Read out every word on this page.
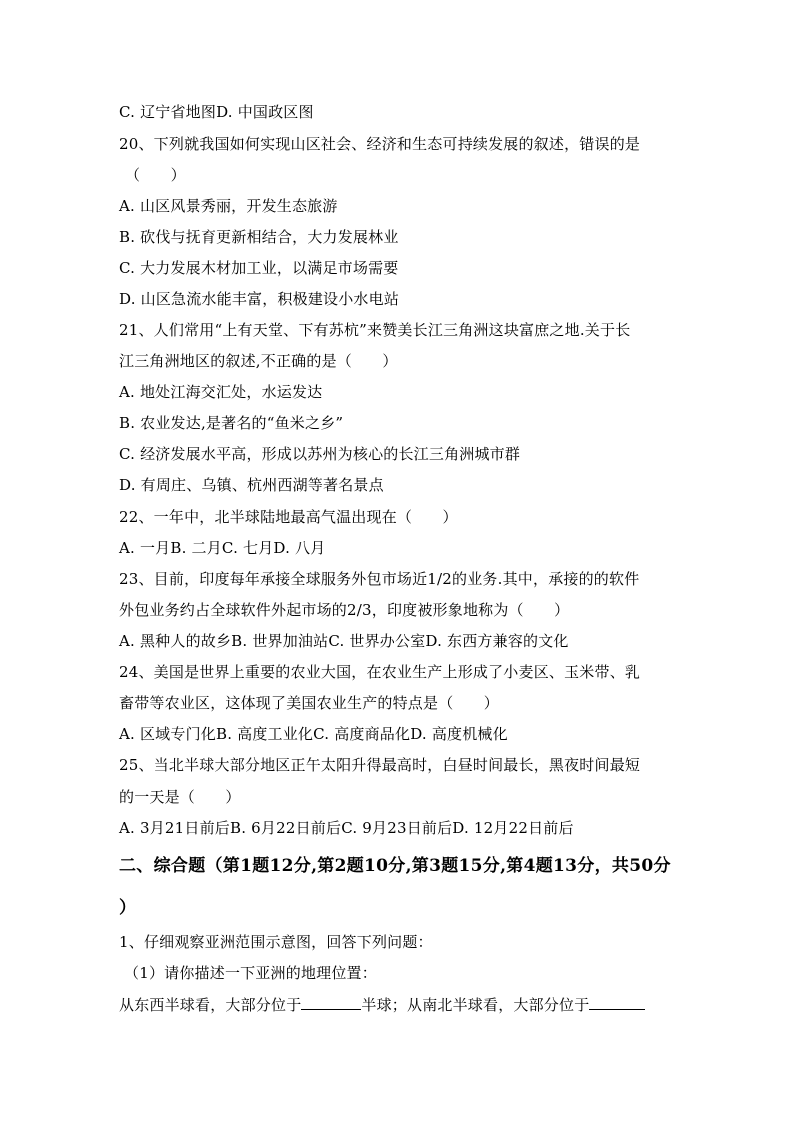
C. 辽宁省地图D. 中国政区图
20、下列就我国如何实现山区社会、经济和生态可持续发展的叙述，错误的是
（　　）
A. 山区风景秀丽，开发生态旅游
B. 砍伐与抚育更新相结合，大力发展林业
C. 大力发展木材加工业，以满足市场需要
D. 山区急流水能丰富，积极建设小水电站
21、人们常用“上有天堂、下有苏杭”来赞美长江三角洲这块富庶之地.关于长
江三角洲地区的叙述,不正确的是（　　）
A. 地处江海交汇处，水运发达
B. 农业发达,是著名的“鱼米之乡”
C. 经济发展水平高，形成以苏州为核心的长江三角洲城市群
D. 有周庄、乌镇、杭州西湖等著名景点
22、一年中，北半球陆地最高气温出现在（　　）
A. 一月B. 二月C. 七月D. 八月
23、目前，印度每年承接全球服务外包市场近1/2的业务.其中，承接的的软件
外包业务约占全球软件外起市场的2/3，印度被形象地称为（　　）
A. 黑种人的故乡B. 世界加油站C. 世界办公室D. 东西方兼容的文化
24、美国是世界上重要的农业大国，在农业生产上形成了小麦区、玉米带、乳
畜带等农业区，这体现了美国农业生产的特点是（　　）
A. 区域专门化B. 高度工业化C. 高度商品化D. 高度机械化
25、当北半球大部分地区正午太阳升得最高时，白昼时间最长，黑夜时间最短
的一天是（　　）
A. 3月21日前后B. 6月22日前后C. 9月23日前后D. 12月22日前后
二、综合题（第1题12分,第2题10分,第3题15分,第4题13分，共50分
）
1、仔细观察亚洲范围示意图，回答下列问题：
（1）请你描述一下亚洲的地理位置：
从东西半球看，大部分位于	半球；从南北半球看，大部分位于
